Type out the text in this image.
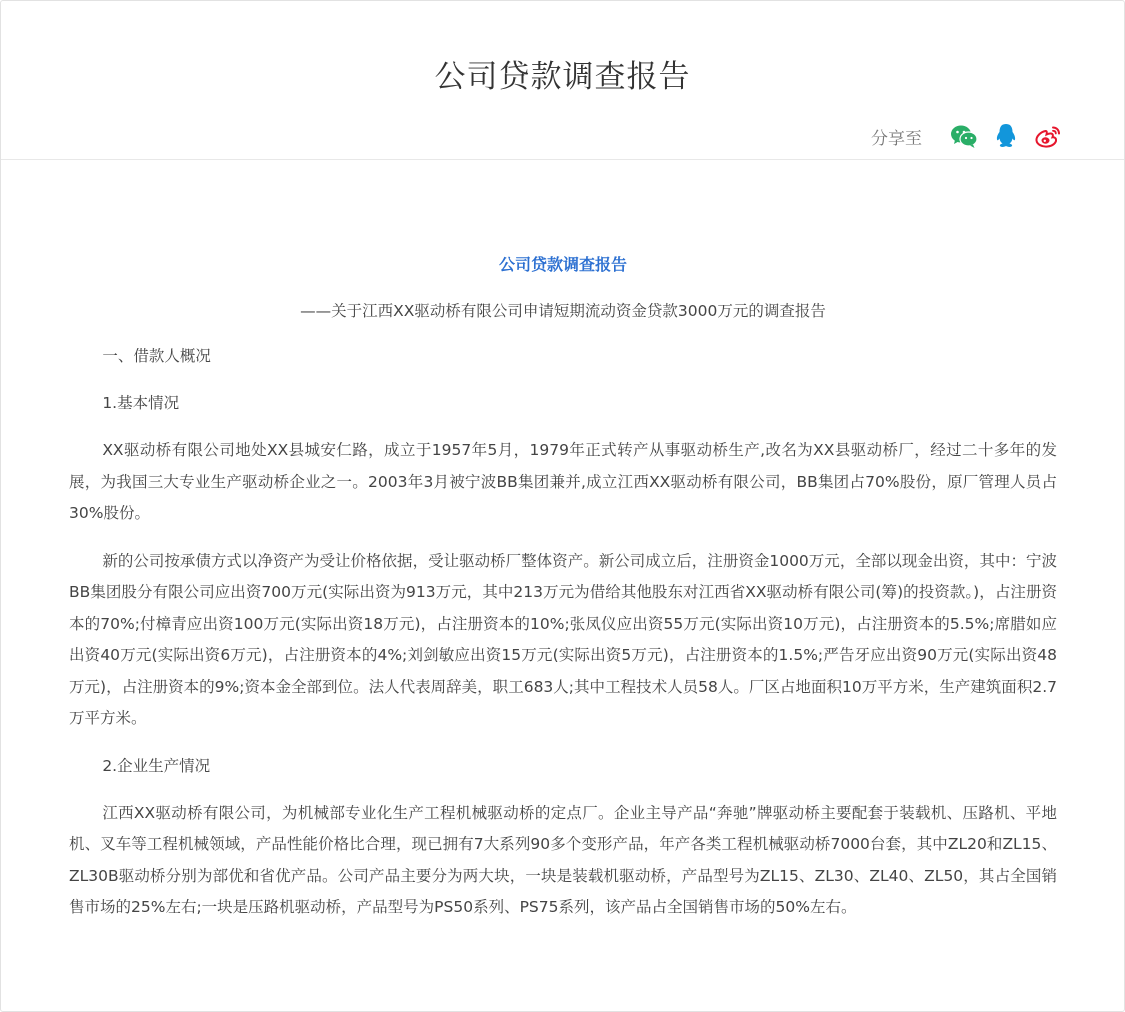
公司贷款调查报告
分享至
公司贷款调查报告
——关于江西XX驱动桥有限公司申请短期流动资金贷款3000万元的调查报告

一、借款人概况

1.基本情况

XX驱动桥有限公司地处XX县城安仁路，成立于1957年5月，1979年正式转产从事驱动桥生产,改名为XX县驱动桥厂，经过二十多年的发展，为我国三大专业生产驱动桥企业之一。2003年3月被宁波BB集团兼并,成立江西XX驱动桥有限公司，BB集团占70%股份，原厂管理人员占30%股份。

新的公司按承债方式以净资产为受让价格依据，受让驱动桥厂整体资产。新公司成立后，注册资金1000万元，全部以现金出资，其中：宁波BB集团股分有限公司应出资700万元(实际出资为913万元，其中213万元为借给其他股东对江西省XX驱动桥有限公司(筹)的投资款。)，占注册资本的70%;付樟青应出资100万元(实际出资18万元)，占注册资本的10%;张凤仪应出资55万元(实际出资10万元)，占注册资本的5.5%;席腊如应出资40万元(实际出资6万元)，占注册资本的4%;刘剑敏应出资15万元(实际出资5万元)，占注册资本的1.5%;严告牙应出资90万元(实际出资48万元)，占注册资本的9%;资本金全部到位。法人代表周辞美，职工683人;其中工程技术人员58人。厂区占地面积10万平方米，生产建筑面积2.7万平方米。

2.企业生产情况

江西XX驱动桥有限公司，为机械部专业化生产工程机械驱动桥的定点厂。企业主导产品“奔驰”牌驱动桥主要配套于装载机、压路机、平地机、叉车等工程机械领域，产品性能价格比合理，现已拥有7大系列90多个变形产品，年产各类工程机械驱动桥7000台套，其中ZL20和ZL15、ZL30B驱动桥分别为部优和省优产品。公司产品主要分为两大块，一块是装载机驱动桥，产品型号为ZL15、ZL30、ZL40、ZL50，其占全国销售市场的25%左右;一块是压路机驱动桥，产品型号为PS50系列、PS75系列，该产品占全国销售市场的50%左右。
